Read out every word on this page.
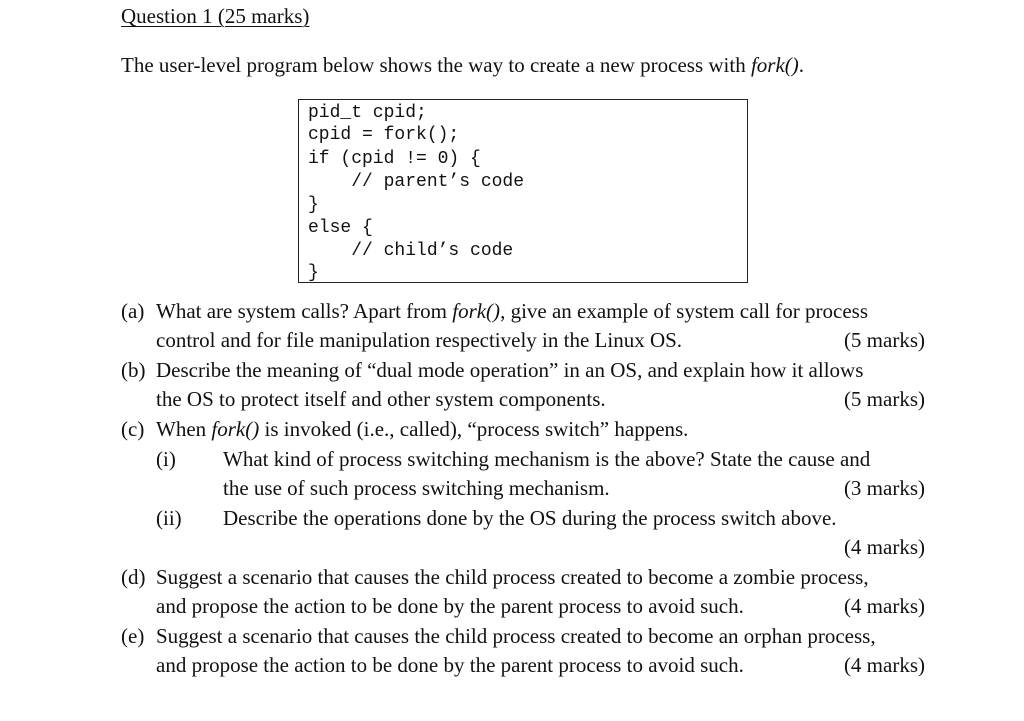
Question 1 (25 marks)
The user-level program below shows the way to create a new process with fork().
pid_t cpid;
cpid = fork();
if (cpid != 0) {
// parent’s code
}
else {
// child’s code
}
(a) What are system calls? Apart from fork(), give an example of system call for process
control and for file manipulation respectively in the Linux OS.	(5 marks)
(b) Describe the meaning of “dual mode operation” in an OS, and explain how it allows
the OS to protect itself and other system components.	(5 marks)
(c) When fork() is invoked (i.e., called), “process switch” happens.
(i) What kind of process switching mechanism is the above? State the cause and
the use of such process switching mechanism.	(3 marks)
(ii) Describe the operations done by the OS during the process switch above.
(4 marks)
(d) Suggest a scenario that causes the child process created to become a zombie process,
and propose the action to be done by the parent process to avoid such.	(4 marks)
(e) Suggest a scenario that causes the child process created to become an orphan process,
and propose the action to be done by the parent process to avoid such.	(4 marks)
